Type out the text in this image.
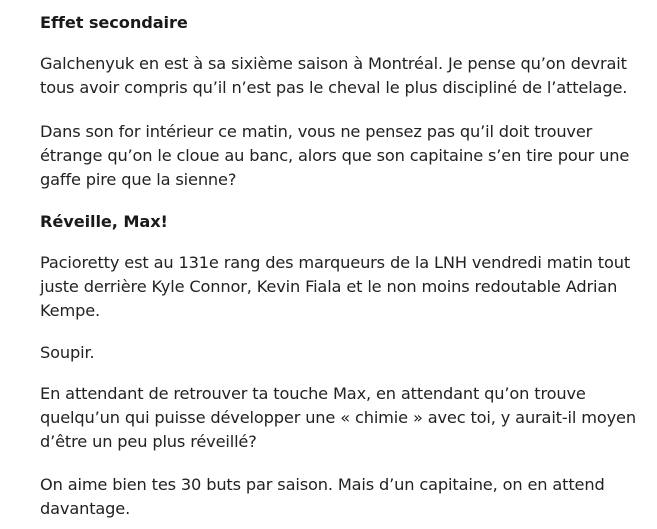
Effet secondaire

Galchenyuk en est à sa sixième saison à Montréal. Je pense qu’on devrait tous avoir compris qu’il n’est pas le cheval le plus discipliné de l’attelage.

Dans son for intérieur ce matin, vous ne pensez pas qu’il doit trouver étrange qu’on le cloue au banc, alors que son capitaine s’en tire pour une gaffe pire que la sienne?

Réveille, Max!

Pacioretty est au 131e rang des marqueurs de la LNH vendredi matin tout juste derrière Kyle Connor, Kevin Fiala et le non moins redoutable Adrian Kempe.

Soupir.

En attendant de retrouver ta touche Max, en attendant qu’on trouve quelqu’un qui puisse développer une « chimie » avec toi, y aurait-il moyen d’être un peu plus réveillé?

On aime bien tes 30 buts par saison. Mais d’un capitaine, on en attend davantage.
